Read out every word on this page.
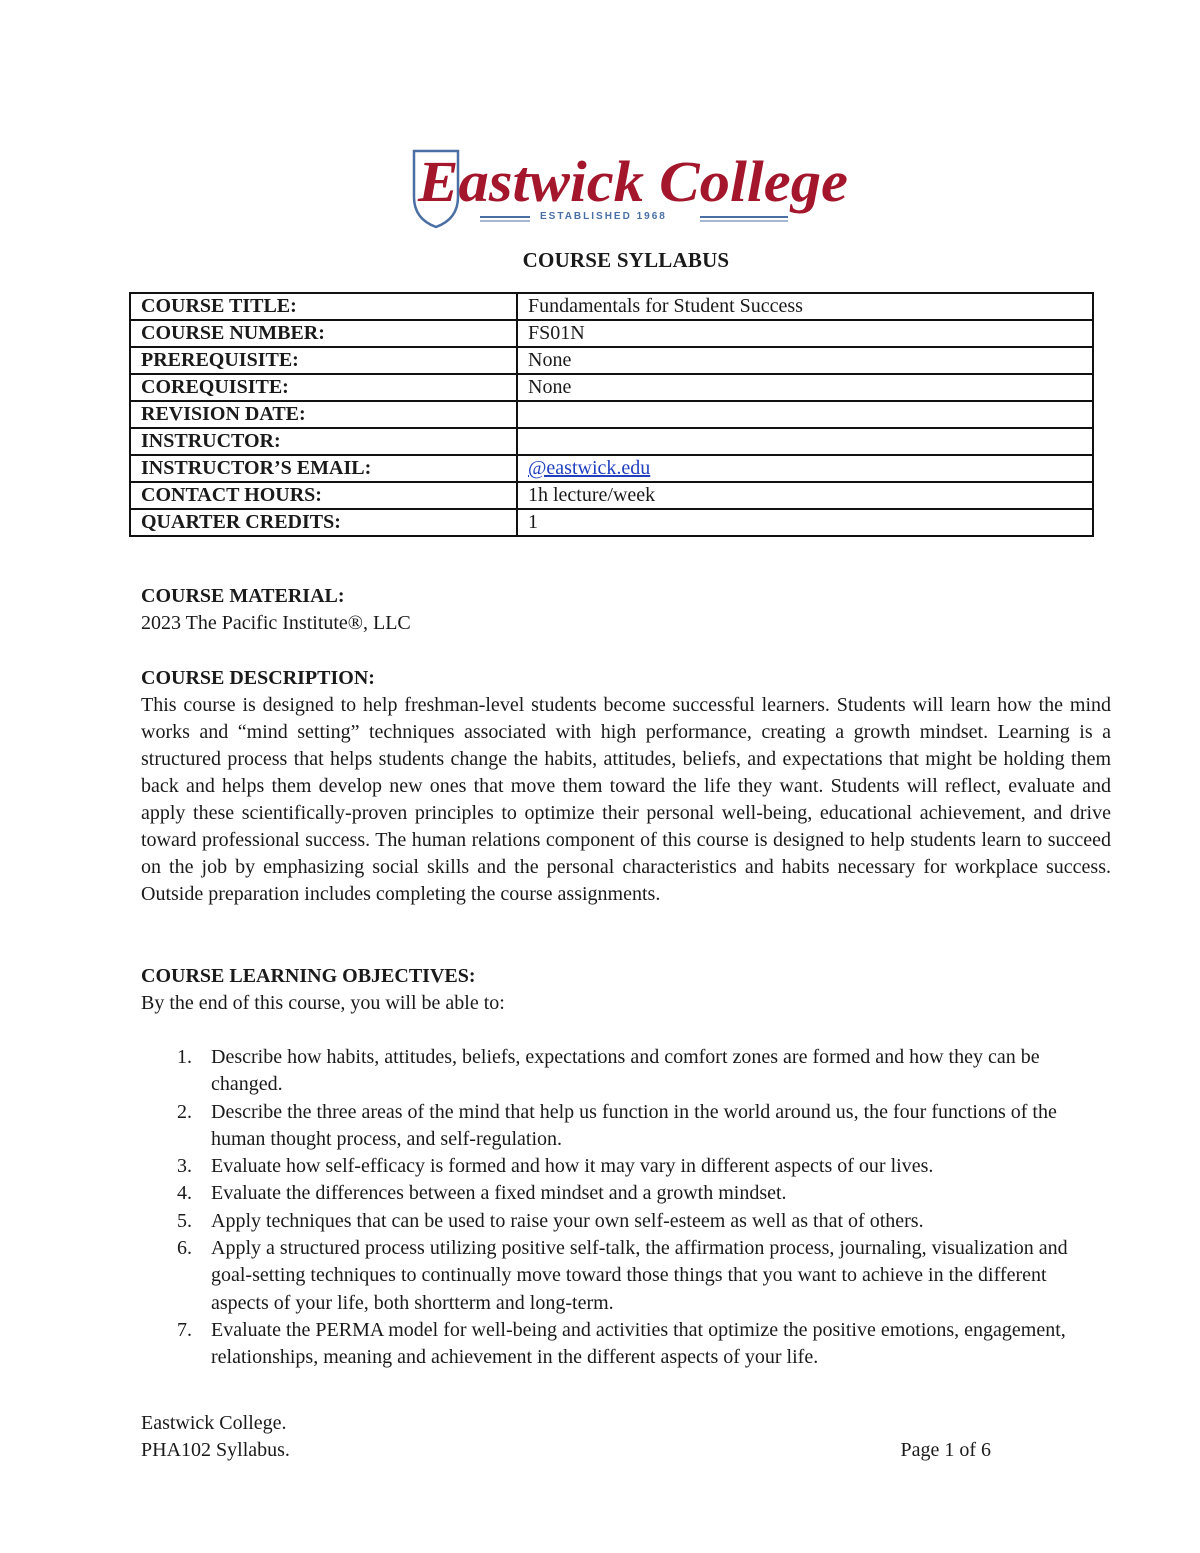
Eastwick College
ESTABLISHED 1968
COURSE SYLLABUS
COURSE TITLE:	Fundamentals for Student Success
COURSE NUMBER:	FS01N
PREREQUISITE:	None
COREQUISITE:	None
REVISION DATE:	
INSTRUCTOR:	
INSTRUCTOR’S EMAIL:	@eastwick.edu
CONTACT HOURS:	1h lecture/week
QUARTER CREDITS:	1
COURSE MATERIAL:

2023 The Pacific Institute®, LLC

COURSE DESCRIPTION:

This course is designed to help freshman-level students become successful learners. Students will learn how the mind works and “mind setting” techniques associated with high performance, creating a growth mindset. Learning is a structured process that helps students change the habits, attitudes, beliefs, and expectations that might be holding them back and helps them develop new ones that move them toward the life they want. Students will reflect, evaluate and apply these scientifically-proven principles to optimize their personal well-being, educational achievement, and drive toward professional success. The human relations component of this course is designed to help students learn to succeed on the job by emphasizing social skills and the personal characteristics and habits necessary for workplace success. Outside preparation includes completing the course assignments.

COURSE LEARNING OBJECTIVES:

By the end of this course, you will be able to:

1. Describe how habits, attitudes, beliefs, expectations and comfort zones are formed and how they can be changed.
2. Describe the three areas of the mind that help us function in the world around us, the four functions of the human thought process, and self-regulation.
3. Evaluate how self-efficacy is formed and how it may vary in different aspects of our lives.
4. Evaluate the differences between a fixed mindset and a growth mindset.
5. Apply techniques that can be used to raise your own self-esteem as well as that of others.
6. Apply a structured process utilizing positive self-talk, the affirmation process, journaling, visualization and goal-setting techniques to continually move toward those things that you want to achieve in the different aspects of your life, both shortterm and long-term.
7. Evaluate the PERMA model for well-being and activities that optimize the positive emotions, engagement, relationships, meaning and achievement in the different aspects of your life.
Eastwick College.
PHA102 Syllabus.	Page 1 of 6
